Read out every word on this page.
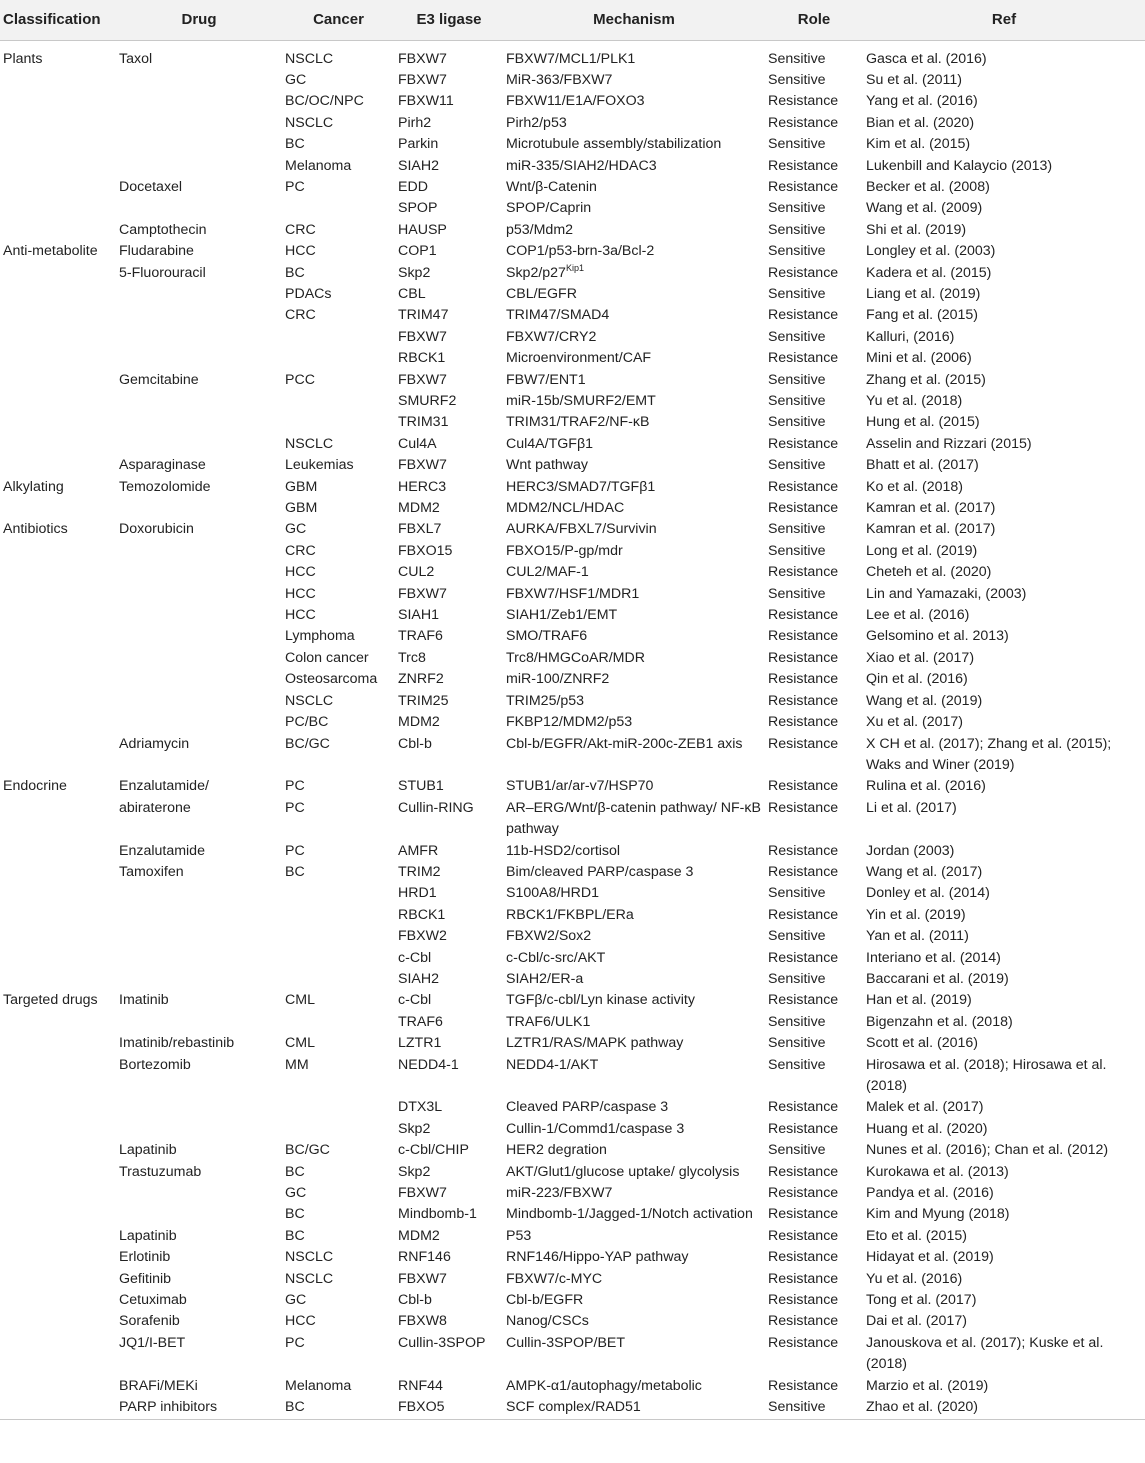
Classification	Drug	Cancer	E3 ligase	Mechanism	Role	Ref
Plants	Taxol	NSCLC	FBXW7	FBXW7/MCL1/PLK1	Sensitive	Gasca et al. (2016)
		GC	FBXW7	MiR-363/FBXW7	Sensitive	Su et al. (2011)
		BC/OC/NPC	FBXW11	FBXW11/E1A/FOXO3	Resistance	Yang et al. (2016)
		NSCLC	Pirh2	Pirh2/p53	Resistance	Bian et al. (2020)
		BC	Parkin	Microtubule assembly/stabilization	Sensitive	Kim et al. (2015)
		Melanoma	SIAH2	miR-335/SIAH2/HDAC3	Resistance	Lukenbill and Kalaycio (2013)
	Docetaxel	PC	EDD	Wnt/β-Catenin	Resistance	Becker et al. (2008)
			SPOP	SPOP/Caprin	Sensitive	Wang et al. (2009)
	Camptothecin	CRC	HAUSP	p53/Mdm2	Sensitive	Shi et al. (2019)
Anti-metabolite	Fludarabine	HCC	COP1	COP1/p53-brn-3a/Bcl-2	Sensitive	Longley et al. (2003)
	5-Fluorouracil	BC	Skp2	$Skp2/p27^{Kip1}$	Resistance	Kadera et al. (2015)
		PDACs	CBL	CBL/EGFR	Sensitive	Liang et al. (2019)
		CRC	TRIM47	TRIM47/SMAD4	Resistance	Fang et al. (2015)
			FBXW7	FBXW7/CRY2	Sensitive	Kalluri, (2016)
			RBCK1	Microenvironment/CAF	Resistance	Mini et al. (2006)
	Gemcitabine	PCC	FBXW7	FBW7/ENT1	Sensitive	Zhang et al. (2015)
			SMURF2	miR-15b/SMURF2/EMT	Sensitive	Yu et al. (2018)
			TRIM31	TRIM31/TRAF2/NF-κB	Sensitive	Hung et al. (2015)
		NSCLC	Cul4A	Cul4A/TGFβ1	Resistance	Asselin and Rizzari (2015)
	Asparaginase	Leukemias	FBXW7	Wnt pathway	Sensitive	Bhatt et al. (2017)
Alkylating	Temozolomide	GBM	HERC3	HERC3/SMAD7/TGFβ1	Resistance	Ko et al. (2018)
		GBM	MDM2	MDM2/NCL/HDAC	Resistance	Kamran et al. (2017)
Antibiotics	Doxorubicin	GC	FBXL7	AURKA/FBXL7/Survivin	Sensitive	Kamran et al. (2017)
		CRC	FBXO15	FBXO15/P-gp/mdr	Sensitive	Long et al. (2019)
		HCC	CUL2	CUL2/MAF-1	Resistance	Cheteh et al. (2020)
		HCC	FBXW7	FBXW7/HSF1/MDR1	Sensitive	Lin and Yamazaki, (2003)
		HCC	SIAH1	SIAH1/Zeb1/EMT	Resistance	Lee et al. (2016)
		Lymphoma	TRAF6	SMO/TRAF6	Resistance	Gelsomino et al. 2013)
		Colon cancer	Trc8	Trc8/HMGCoAR/MDR	Resistance	Xiao et al. (2017)
		Osteosarcoma	ZNRF2	miR-100/ZNRF2	Resistance	Qin et al. (2016)
		NSCLC	TRIM25	TRIM25/p53	Resistance	Wang et al. (2019)
		PC/BC	MDM2	FKBP12/MDM2/p53	Resistance	Xu et al. (2017)
	Adriamycin	BC/GC	Cbl-b	Cbl-b/EGFR/Akt-miR-200c-ZEB1 axis	Resistance	X CH et al. (2017); Zhang et al. (2015); Waks and Winer (2019)
Endocrine	Enzalutamide/	PC	STUB1	STUB1/ar/ar-v7/HSP70	Resistance	Rulina et al. (2016)
	abiraterone	PC	Cullin-RING	AR–ERG/Wnt/β-catenin pathway/ NF-κB pathway	Resistance	Li et al. (2017)
	Enzalutamide	PC	AMFR	11b-HSD2/cortisol	Resistance	Jordan (2003)
	Tamoxifen	BC	TRIM2	Bim/cleaved PARP/caspase 3	Resistance	Wang et al. (2017)
			HRD1	S100A8/HRD1	Sensitive	Donley et al. (2014)
			RBCK1	RBCK1/FKBPL/ERa	Resistance	Yin et al. (2019)
			FBXW2	FBXW2/Sox2	Sensitive	Yan et al. (2011)
			c-Cbl	c-Cbl/c-src/AKT	Resistance	Interiano et al. (2014)
			SIAH2	SIAH2/ER-a	Sensitive	Baccarani et al. (2019)
Targeted drugs	Imatinib	CML	c-Cbl	TGFβ/c-cbl/Lyn kinase activity	Resistance	Han et al. (2019)
			TRAF6	TRAF6/ULK1	Sensitive	Bigenzahn et al. (2018)
	Imatinib/rebastinib	CML	LZTR1	LZTR1/RAS/MAPK pathway	Sensitive	Scott et al. (2016)
	Bortezomib	MM	NEDD4-1	NEDD4-1/AKT	Sensitive	Hirosawa et al. (2018); Hirosawa et al. (2018)
			DTX3L	Cleaved PARP/caspase 3	Resistance	Malek et al. (2017)
			Skp2	Cullin-1/Commd1/caspase 3	Resistance	Huang et al. (2020)
	Lapatinib	BC/GC	c-Cbl/CHIP	HER2 degration	Sensitive	Nunes et al. (2016); Chan et al. (2012)
	Trastuzumab	BC	Skp2	AKT/Glut1/glucose uptake/ glycolysis	Resistance	Kurokawa et al. (2013)
		GC	FBXW7	miR-223/FBXW7	Resistance	Pandya et al. (2016)
		BC	Mindbomb-1	Mindbomb-1/Jagged-1/Notch activation	Resistance	Kim and Myung (2018)
	Lapatinib	BC	MDM2	P53	Resistance	Eto et al. (2015)
	Erlotinib	NSCLC	RNF146	RNF146/Hippo-YAP pathway	Resistance	Hidayat et al. (2019)
	Gefitinib	NSCLC	FBXW7	FBXW7/c-MYC	Resistance	Yu et al. (2016)
	Cetuximab	GC	Cbl-b	Cbl-b/EGFR	Resistance	Tong et al. (2017)
	Sorafenib	HCC	FBXW8	Nanog/CSCs	Resistance	Dai et al. (2017)
	JQ1/I-BET	PC	Cullin-3SPOP	Cullin-3SPOP/BET	Resistance	Janouskova et al. (2017); Kuske et al. (2018)
	BRAFi/MEKi	Melanoma	RNF44	AMPK-α1/autophagy/metabolic	Resistance	Marzio et al. (2019)
	PARP inhibitors	BC	FBXO5	SCF complex/RAD51	Sensitive	Zhao et al. (2020)
